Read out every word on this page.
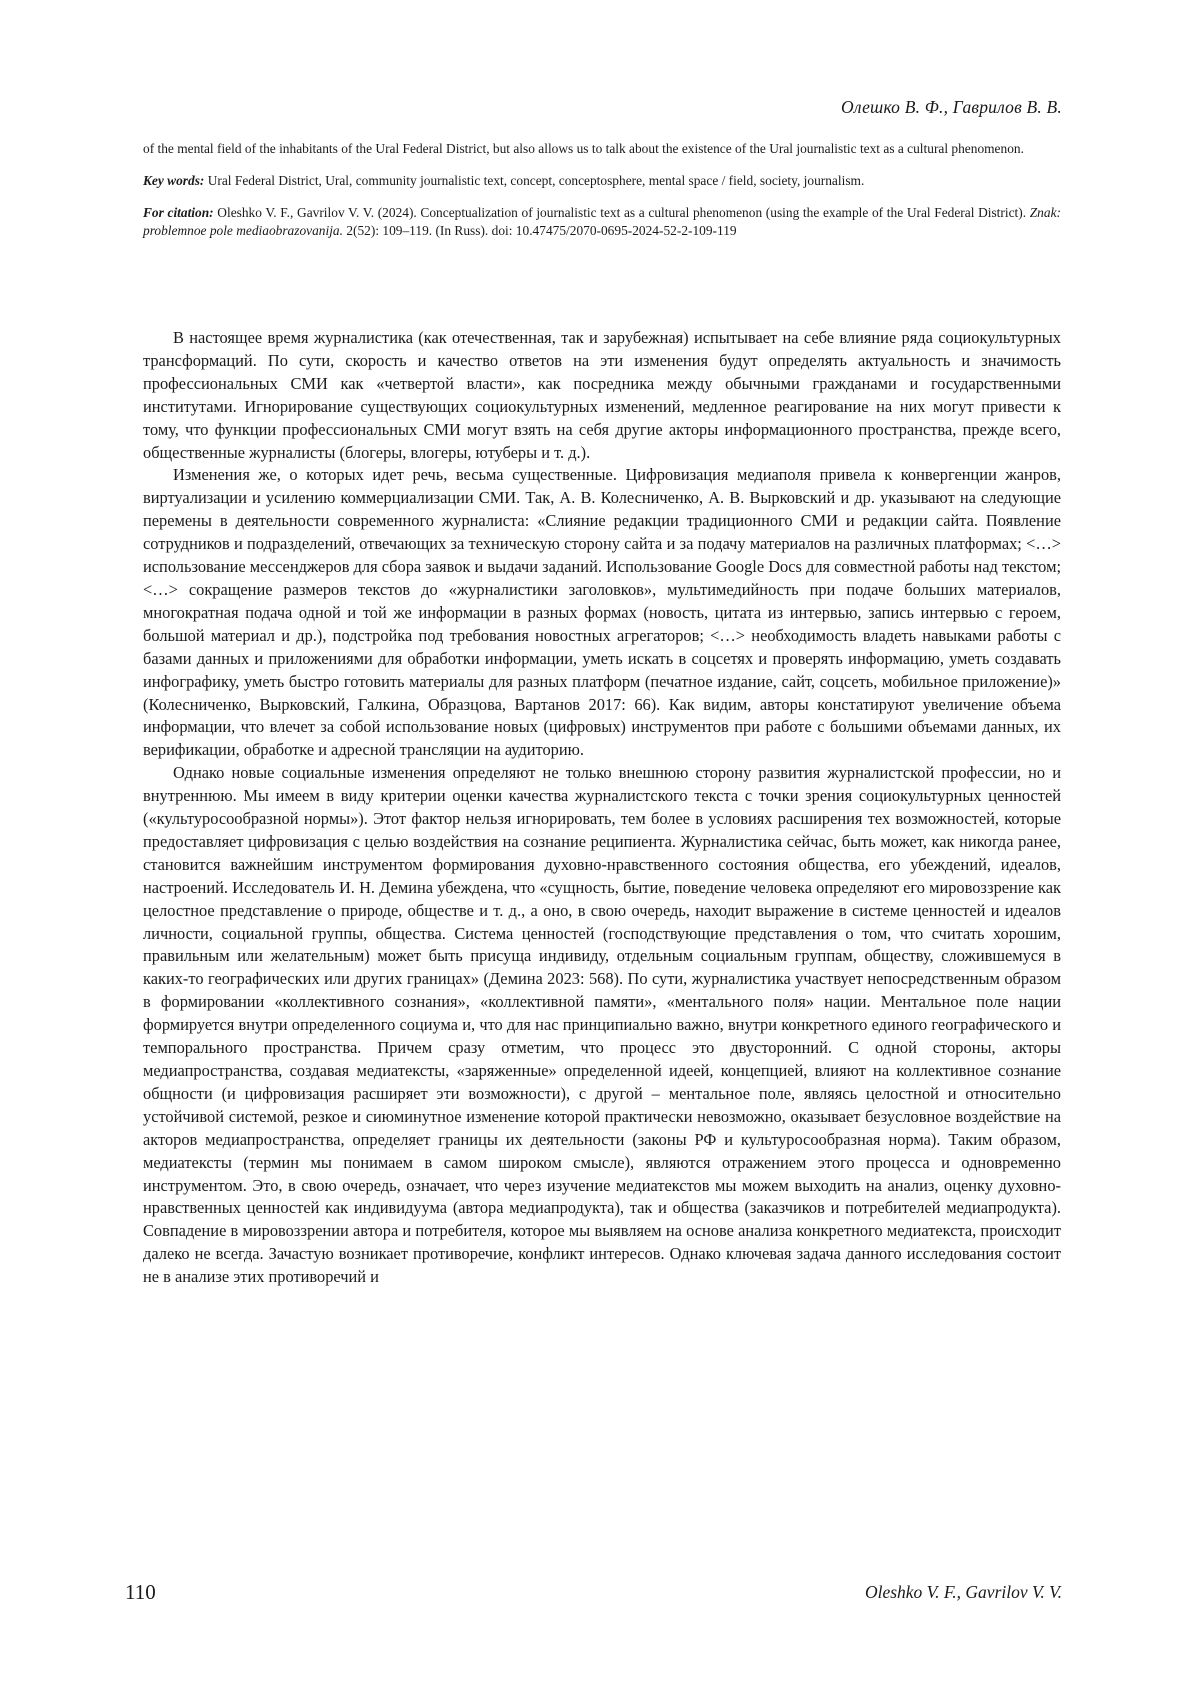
Олешко В. Ф., Гаврилов В. В.

of the mental field of the inhabitants of the Ural Federal District, but also allows us to talk about the existence of the Ural journalistic text as a cultural phenomenon.

Key words: Ural Federal District, Ural, community journalistic text, concept, conceptosphere, mental space / field, society, journalism.

For citation: Oleshko V. F., Gavrilov V. V. (2024). Conceptualization of journalistic text as a cultural phenomenon (using the example of the Ural Federal District). Znak: problemnoe pole mediaobrazovanija. 2(52): 109–119. (In Russ). doi: 10.47475/2070-0695-2024-52-2-109-119

В настоящее время журналистика (как отечественная, так и зарубежная) испытывает на себе влияние ряда социокультурных трансформаций. По сути, скорость и качество ответов на эти изменения будут определять актуальность и значимость профессиональных СМИ как «четвертой власти», как посредника между обычными гражданами и государственными институтами. Игнорирование существующих социокультурных изменений, медленное реагирование на них могут привести к тому, что функции профессиональных СМИ могут взять на себя другие акторы информационного пространства, прежде всего, общественные журналисты (блогеры, влогеры, ютуберы и т. д.).

Изменения же, о которых идет речь, весьма существенные. Цифровизация медиаполя привела к конвергенции жанров, виртуализации и усилению коммерциализации СМИ. Так, А. В. Колесниченко, А. В. Вырковский и др. указывают на следующие перемены в деятельности современного журналиста: «Слияние редакции традиционного СМИ и редакции сайта. Появление сотрудников и подразделений, отвечающих за техническую сторону сайта и за подачу материалов на различных платформах; <…> использование мессенджеров для сбора заявок и выдачи заданий. Использование Google Docs для совместной работы над текстом; <…> сокращение размеров текстов до «журналистики заголовков», мультимедийность при подаче больших материалов, многократная подача одной и той же информации в разных формах (новость, цитата из интервью, запись интервью с героем, большой материал и др.), подстройка под требования новостных агрегаторов; <…> необходимость владеть навыками работы с базами данных и приложениями для обработки информации, уметь искать в соцсетях и проверять информацию, уметь создавать инфографику, уметь быстро готовить материалы для разных платформ (печатное издание, сайт, соцсеть, мобильное приложение)» (Колесниченко, Вырковский, Галкина, Образцова, Вартанов 2017: 66). Как видим, авторы констатируют увеличение объема информации, что влечет за собой использование новых (цифровых) инструментов при работе с большими объемами данных, их верификации, обработке и адресной трансляции на аудиторию.

Однако новые социальные изменения определяют не только внешнюю сторону развития журналистской профессии, но и внутреннюю. Мы имеем в виду критерии оценки качества журналистского текста с точки зрения социокультурных ценностей («культуросообразной нормы»). Этот фактор нельзя игнорировать, тем более в условиях расширения тех возможностей, которые предоставляет цифровизация с целью воздействия на сознание реципиента. Журналистика сейчас, быть может, как никогда ранее, становится важнейшим инструментом формирования духовно-нравственного состояния общества, его убеждений, идеалов, настроений. Исследователь И. Н. Демина убеждена, что «сущность, бытие, поведение человека определяют его мировоззрение как целостное представление о природе, обществе и т. д., а оно, в свою очередь, находит выражение в системе ценностей и идеалов личности, социальной группы, общества. Система ценностей (господствующие представления о том, что считать хорошим, правильным или желательным) может быть присуща индивиду, отдельным социальным группам, обществу, сложившемуся в каких-то географических или других границах» (Демина 2023: 568). По сути, журналистика участвует непосредственным образом в формировании «коллективного сознания», «коллективной памяти», «ментального поля» нации. Ментальное поле нации формируется внутри определенного социума и, что для нас принципиально важно, внутри конкретного единого географического и темпорального пространства. Причем сразу отметим, что процесс это двусторонний. С одной стороны, акторы медиапространства, создавая медиатексты, «заряженные» определенной идеей, концепцией, влияют на коллективное сознание общности (и цифровизация расширяет эти возможности), с другой – ментальное поле, являясь целостной и относительно устойчивой системой, резкое и сиюминутное изменение которой практически невозможно, оказывает безусловное воздействие на акторов медиапространства, определяет границы их деятельности (законы РФ и культуросообразная норма). Таким образом, медиатексты (термин мы понимаем в самом широком смысле), являются отражением этого процесса и одновременно инструментом. Это, в свою очередь, означает, что через изучение медиатекстов мы можем выходить на анализ, оценку духовно-нравственных ценностей как индивидуума (автора медиапродукта), так и общества (заказчиков и потребителей медиапродукта). Совпадение в мировоззрении автора и потребителя, которое мы выявляем на основе анализа конкретного медиатекста, происходит далеко не всегда. Зачастую возникает противоречие, конфликт интересов. Однако ключевая задача данного исследования состоит не в анализе этих противоречий и

110	Oleshko V. F., Gavrilov V. V.
